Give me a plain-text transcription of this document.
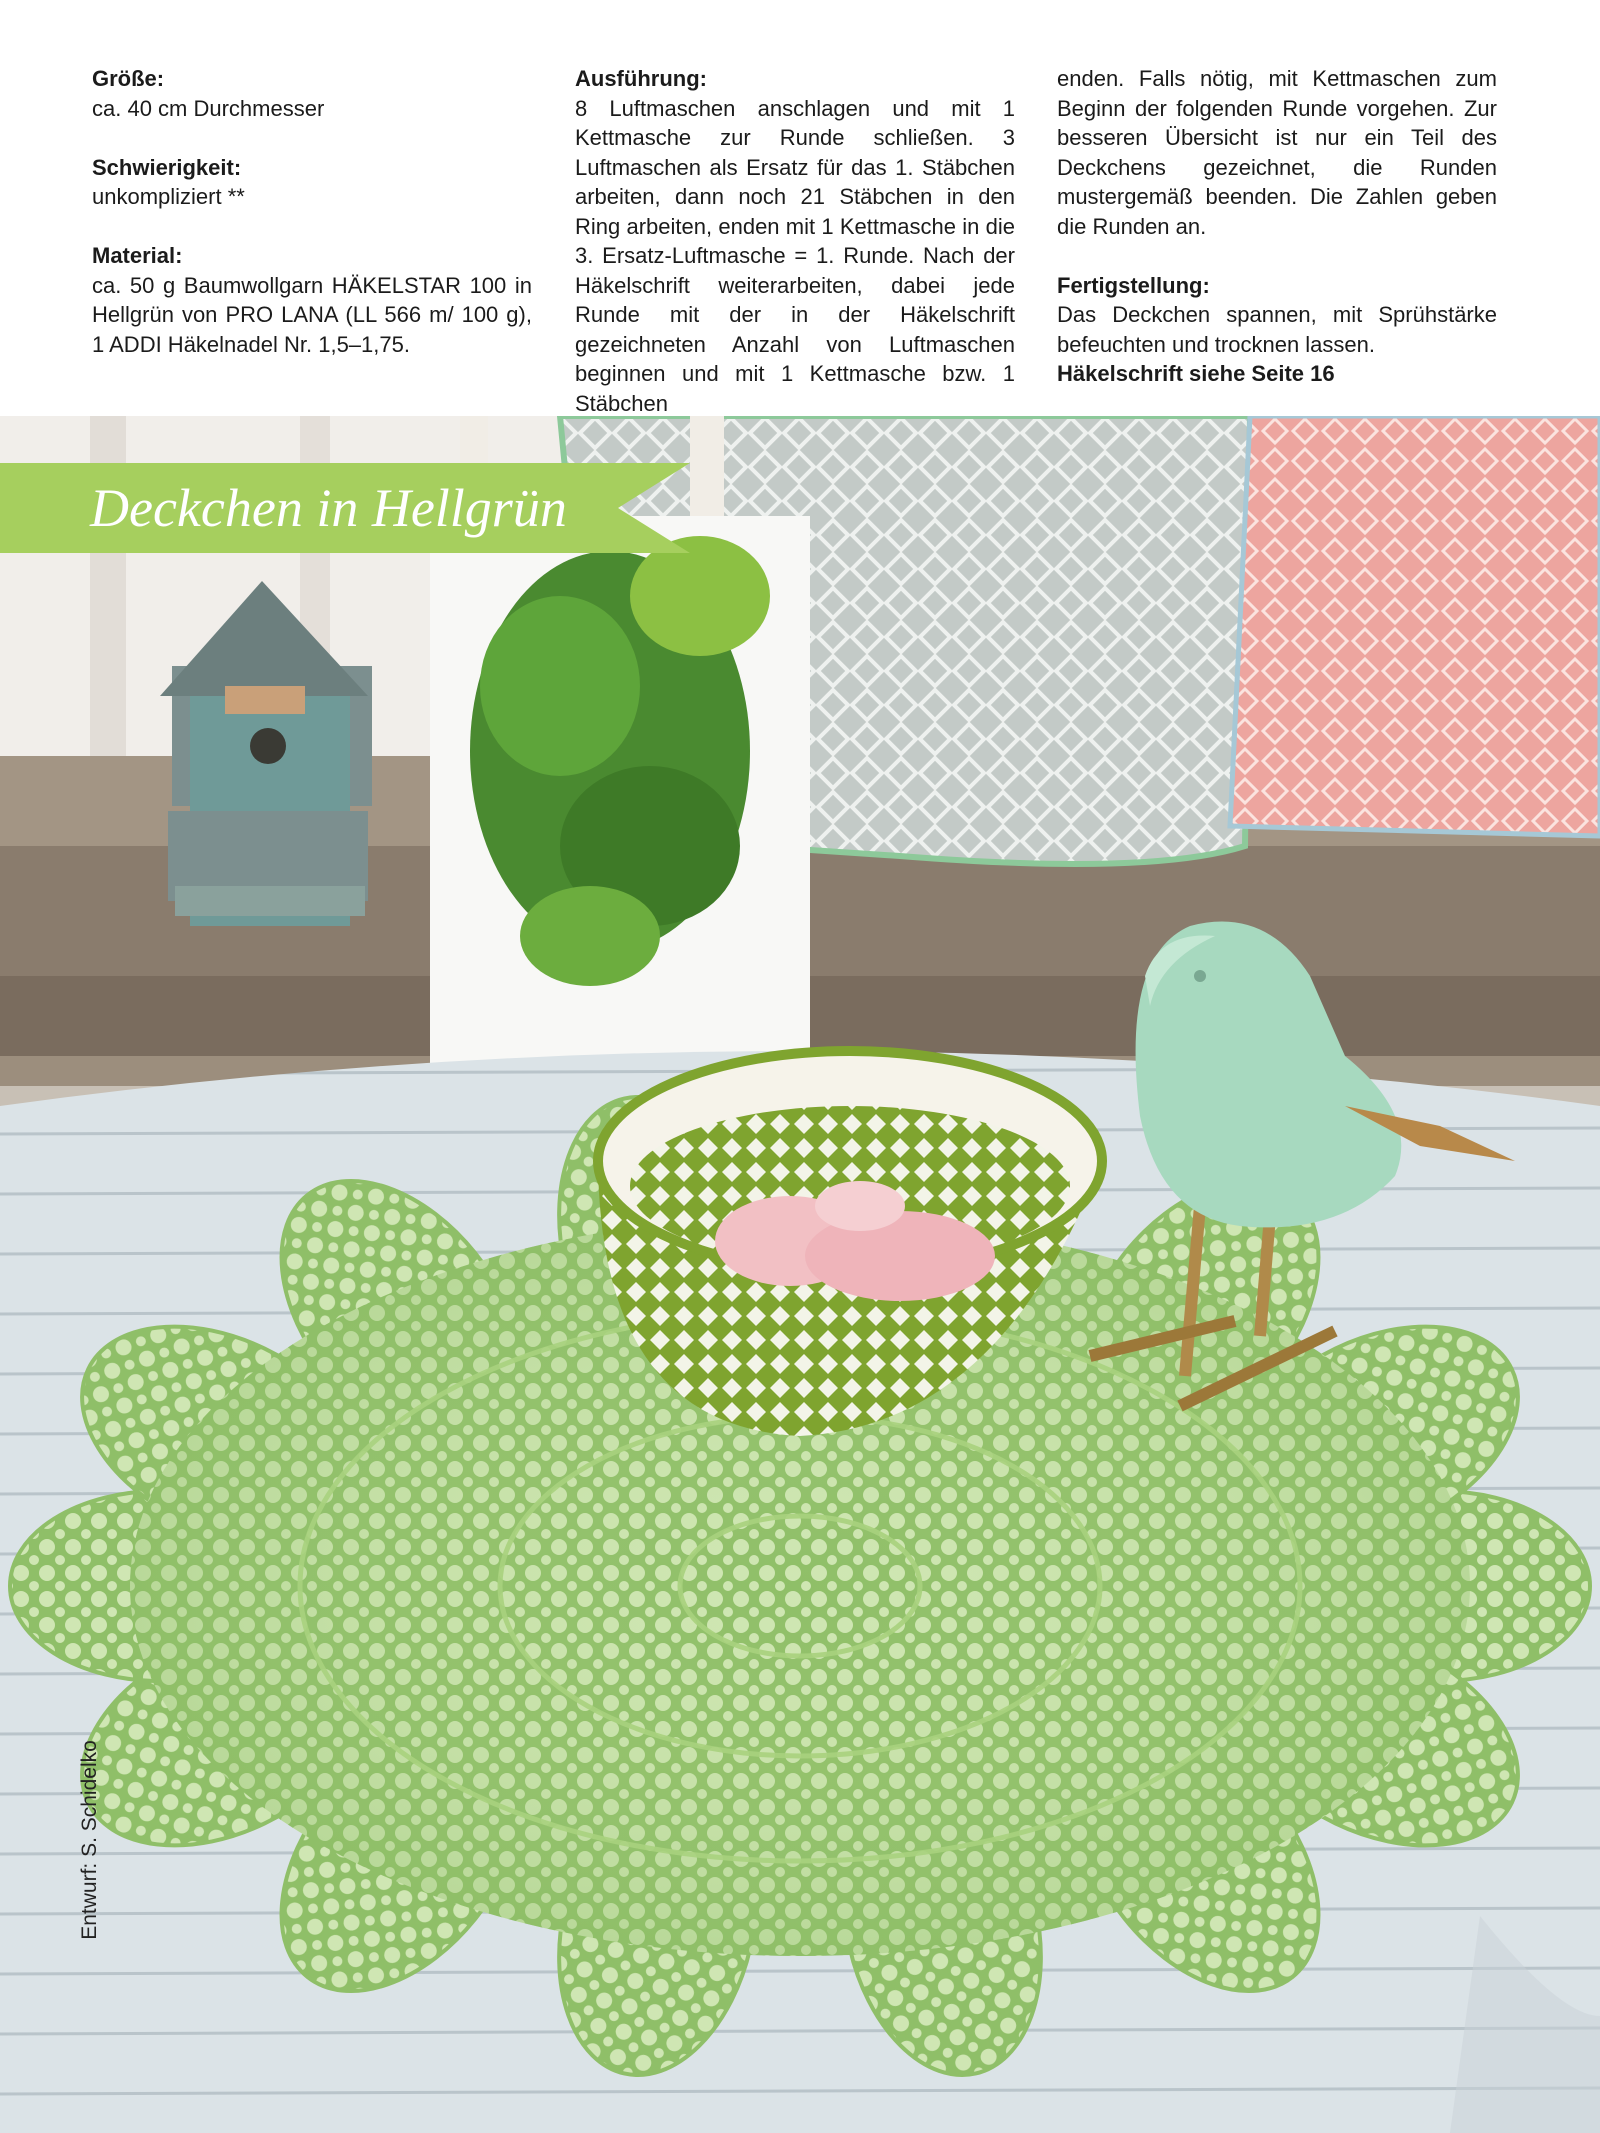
Größe:
ca. 40 cm Durchmesser
Schwierigkeit:
unkompliziert **
Material:
ca. 50 g Baumwollgarn HÄKELSTAR 100 in Hellgrün von PRO LANA (LL 566 m/ 100 g), 1 ADDI Häkelnadel Nr. 1,5–1,75.
Ausführung:
8 Luftmaschen anschlagen und mit 1 Kettmasche zur Runde schließen. 3 Luftmaschen als Ersatz für das 1. Stäbchen arbeiten, dann noch 21 Stäbchen in den Ring arbeiten, enden mit 1 Kettmasche in die 3. Ersatz-Luftmasche = 1. Runde. Nach der Häkelschrift weiterarbeiten, dabei jede Runde mit der in der Häkelschrift gezeichneten Anzahl von Luftmaschen beginnen und mit 1 Kettmasche bzw. 1 Stäbchen
enden. Falls nötig, mit Kettmaschen zum Beginn der folgenden Runde vorgehen. Zur besseren Übersicht ist nur ein Teil des Deckchens gezeichnet, die Runden mustergemäß beenden. Die Zahlen geben die Runden an.
Fertigstellung:
Das Deckchen spannen, mit Sprühstärke befeuchten und trocknen lassen.
Häkelschrift siehe Seite 16
Deckchen in Hellgrün
Entwurf: S. Schidelko
